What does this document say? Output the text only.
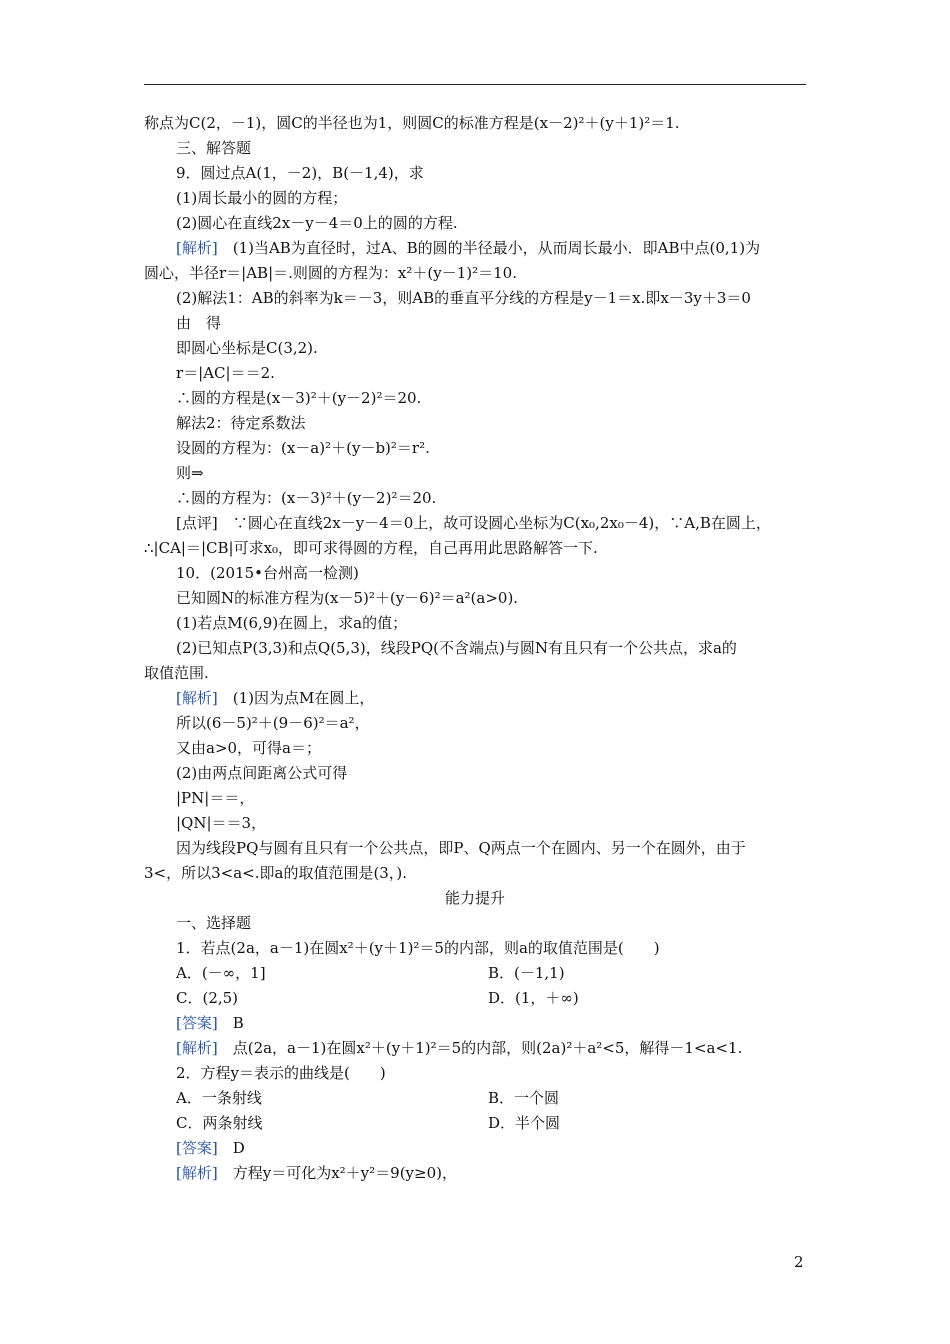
称点为C(2，－1)，圆C的半径也为1，则圆C的标准方程是(x－2)²＋(y＋1)²＝1.
三、解答题
9．圆过点A(1，－2)，B(－1,4)，求
(1)周长最小的圆的方程；
(2)圆心在直线2x－y－4＝0上的圆的方程.
[解析]　(1)当AB为直径时，过A、B的圆的半径最小，从而周长最小．即AB中点(0,1)为
圆心，半径r＝|AB|＝.则圆的方程为：x²＋(y－1)²＝10.
(2)解法1：AB的斜率为k＝－3，则AB的垂直平分线的方程是y－1＝x.即x－3y＋3＝0
由　得
即圆心坐标是C(3,2).
r＝|AC|＝＝2.
∴圆的方程是(x－3)²＋(y－2)²＝20.
解法2：待定系数法
设圆的方程为：(x－a)²＋(y－b)²＝r².
则⇒
∴圆的方程为：(x－3)²＋(y－2)²＝20.
[点评]　∵圆心在直线2x－y－4＝0上，故可设圆心坐标为C(x₀,2x₀－4)，∵A,B在圆上，
∴|CA|＝|CB|可求x₀，即可求得圆的方程，自己再用此思路解答一下.
10．(2015•台州高一检测)
已知圆N的标准方程为(x－5)²＋(y－6)²＝a²(a>0).
(1)若点M(6,9)在圆上，求a的值；
(2)已知点P(3,3)和点Q(5,3)，线段PQ(不含端点)与圆N有且只有一个公共点，求a的
取值范围.
[解析]　(1)因为点M在圆上，
所以(6－5)²＋(9－6)²＝a²，
又由a>0，可得a＝；
(2)由两点间距离公式可得
|PN|＝＝，
|QN|＝＝3，
因为线段PQ与圆有且只有一个公共点，即P、Q两点一个在圆内、另一个在圆外，由于
3<，所以3<a<.即a的取值范围是(3，).
能力提升
一、选择题
1．若点(2a，a－1)在圆x²＋(y＋1)²＝5的内部，则a的取值范围是(　　)
A．(－∞，1]	B．(－1,1)
C．(2,5)	D．(1，＋∞)
[答案]　B
[解析]　点(2a，a－1)在圆x²＋(y＋1)²＝5的内部，则(2a)²＋a²<5，解得－1<a<1.
2．方程y＝表示的曲线是(　　)
A．一条射线	B．一个圆
C．两条射线	D．半个圆
[答案]　D
[解析]　方程y＝可化为x²＋y²＝9(y≥0)，
2
